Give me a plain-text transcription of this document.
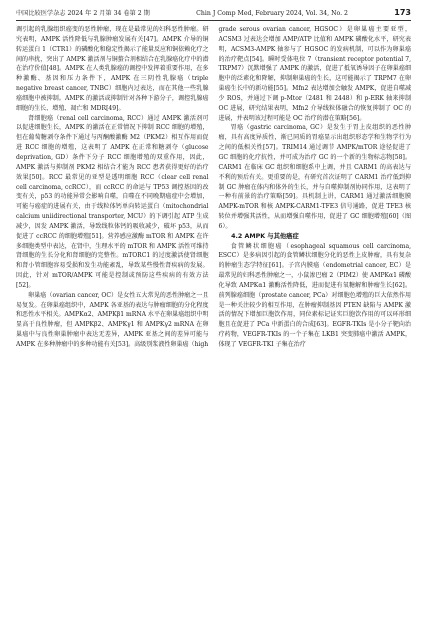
中国比较医学杂志 2024 年 2 月第 34 卷第 2 期	Chin J Comp Med, February 2024, Vol. 34, No. 2	173

调引起的乳腺组织癌变的恶性肿瘤，现在是最常见的妇科恶性肿瘤。研究表明，AMPK 活性降低与乳腺肿瘤发展有关[47]。AMPK 介导的铜转运蛋白 1（CTR1）的磷酸化和稳定性揭示了能量反应和铜依赖化疗之间的串扰，突出了 AMPK 激活剂与铜螯合剂相结合在乳腺癌化疗中的潜在治疗价值[48]。AMPK 在人类乳腺癌的调控中发挥着重要作用，在多种激酶、基因和压力条件下，AMPK 在三阴性乳腺癌（triple negative breast cancer, TNBC）细胞内过表达，而在其他一些乳腺癌细胞中被抑制。AMPK 的激活或抑制针对各种下游分子，调控乳腺癌细胞的生长、增殖、凋亡和 MDR[49]。

肾细胞癌（renal cell carcinoma, RCC）通过 AMPK 激活剂可以促进细胞生长，AMPK 的激活在正常情况下抑制 RCC 细胞的增殖，但在葡萄糖剥夺条件下通过与丙酮酸激酶 M2（PKM2）相互作用而促进 RCC 细胞的增殖，这表明了 AMPK 在正常和糖剥夺（glucose deprivation, GD）条件下分子 RCC 细胞增殖的双重作用，因此，AMPK 激活与抑制剂 PKM2 相结合才能为 RCC 患者获得更好的治疗效果[50]。RCC 最常见的亚型是透明细胞 RCC（clear cell renal cell carcinoma, ccRCC），而 ccRCC 的命运与 TP53 调控基因的改变有关，p53 的功能异常会影响自噬，自噬在不同晚期癌症中会增加，可能与癌症的进展有关，由于线粒体钙单向转运蛋白（mitochondrial calcium uniidirectional transporter, MCU）的下调引起 ATP 生成减少，因发 AMPK 激活，导致线粒体钙的吸收减少，破坏 p53，从而促进了 ccRCC 的细胞增殖[51]。营养感应激酶 mTOR 和 AMPK 在许多细胞类型中表达，在肾中，生理水平的 mTOR 和 AMPK 活性可维持肾细胞的生长分化和肾细胞的完整性。mTORC1 的过度激活使肾细胞和肾小管细胞容易受损和发生功能紊乱，导致某些慢性肾疾病的发展。因此，针对 mTOR/AMPK 可能是控制或预防这些疾病的有效方法[52]。

卵巢癌（ovarian cancer, OC）是女性五大常见的恶性肿瘤之一且易复发。在卵巢癌组织中，AMPK 各亚基的表达与肿瘤细胞的分化程度和恶性水平相关。AMPKα2、AMPKβ1 mRNA 水平在卵巢癌组织中明显高于良性肿瘤，但 AMPKβ2、AMPKγ1 和 AMPKγ2 mRNA 在卵巢癌中与良性卵巢肿瘤中表达无差异，AMPK 亚基之间的差异可能与 AMPK 在多种肿瘤中的多种功能有关[53]。高级别浆液性卵巢癌（high

grade serous ovarian cancer, HGSOC）是卵巢癌主要亚型，ACSM3 过表达会增加 AMP/ATP 比值和 AMPK 磷酸化水平，研究表明，ACSM3-AMPK 轴参与了 HGSOC 的发病机制，可以作为卵巢癌的治疗靶点[54]。瞬时受体电位 7（transient receptor potential 7, TRPM7）沉默增强了 AMPK 的激活，促进了抵氧诱导因子在卵巢癌细胞中的泛素化和降解，抑制卵巢癌的生长，这可能揭示了 TRPM7 在卵巢癌生长中的新功能[55]。Mfn2 表达增加会触发 AMPK，促进自噬减少 ROS，并通过下调 p-Mtor（2481 和 2448）和 p-ERK 轴来抑制 OC 进展，研究结果表明，Mfn2 介导线粒体融合的恢复抑制了 OC 的进展，并表明该过程可能是 OC 治疗的潜在策略[56]。

胃癌（gastric carcinoma, GC）是发生于胃上皮组织的恶性肿瘤，具有高度异质性，渐已同质的胃癌显示出组织形态学和生物学行为之间的低相关性[57]。TRIM14 通过调节 AMPK/mTOR 途径促进了 GC 细胞的化疗抗性，并可成为治疗 GC 的一个新的生物标志物[58]。CARM1 在临床 GC 组织和细胞系中上调，并且 CARM1 的高表达与不利的预后有关。更重要的是，有研究首次证明了 CARM1 治疗低到抑制 GC 肿瘤在体内和体外的生长，并与自噬抑制剂协同作用，这表明了一种有前景的治疗策略[59]。具机制上讲，CARM1 通过激活细胞膜 AMPK-mTOR 和核 AMPK-CARM1-TFE3 信号通路，促进 TFE3 核转位并增强其活性，从而增强自噬作用，促进了 GC 细胞增殖[60]（图 6）。

4.2 AMPK 与其他癌症

食管鳞状细胞癌（esophageal squamous cell carcinoma, ESCC）是多病因引起的食管鳞状细胞分化的恶性上皮肿瘤，具有复杂的肿瘤生态学特征[61]。子宫内膜癌（endometrial cancer, EC）是最常见的妇科恶性肿瘤之一，小鼠渗巴瘤 2（PIM2）使 AMPKα1 磷酸化导致 AMPKα1 激酶活性降低，进而促进有氧糖解和肿瘤生长[62]。前列腺癌细胞（prostate cancer, PCa）对细胞色增殖的巨大依然作用是一种关注较少的相互作用，在肿瘤抑制基因 PTEN 缺陷与 AMPK 激活的情况下增加巨胞饮作用，同位素标记证实巨胞饮作用的可以环形细胞且在促进了 PCa 中新蛋白的合成[63]。EGFR-TKIs 是小分子靶向治疗药物，VEGFR-TKIs 的一个子集在 LKB1 突变肺癌中激活 AMPK，体现了 VEGFR-TKI 子集在治疗
